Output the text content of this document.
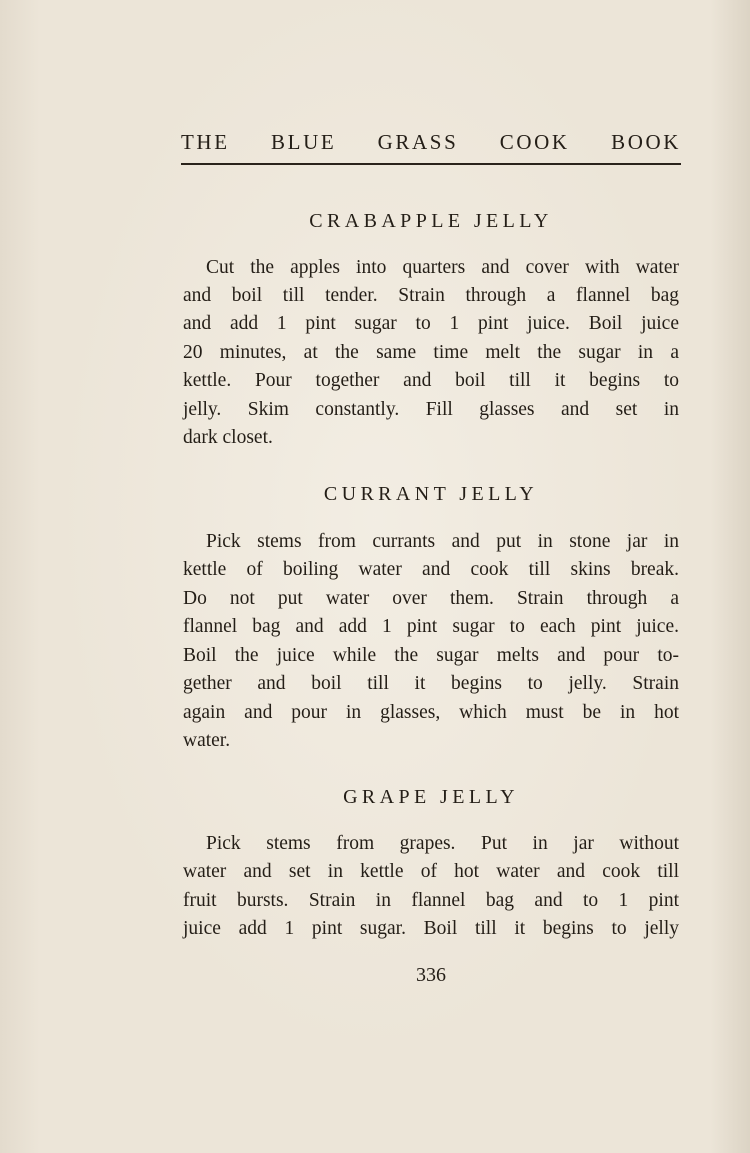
THE BLUE GRASS COOK BOOK
CRABAPPLE JELLY
Cut the apples into quarters and cover with water
and boil till tender. Strain through a flannel bag
and add 1 pint sugar to 1 pint juice. Boil juice
20 minutes, at the same time melt the sugar in a
kettle. Pour together and boil till it begins to
jelly. Skim constantly. Fill glasses and set in
dark closet.
CURRANT JELLY
Pick stems from currants and put in stone jar in
kettle of boiling water and cook till skins break.
Do not put water over them. Strain through a
flannel bag and add 1 pint sugar to each pint juice.
Boil the juice while the sugar melts and pour to-
gether and boil till it begins to jelly. Strain
again and pour in glasses, which must be in hot
water.
GRAPE JELLY
Pick stems from grapes. Put in jar without
water and set in kettle of hot water and cook till
fruit bursts. Strain in flannel bag and to 1 pint
juice add 1 pint sugar. Boil till it begins to jelly
336
